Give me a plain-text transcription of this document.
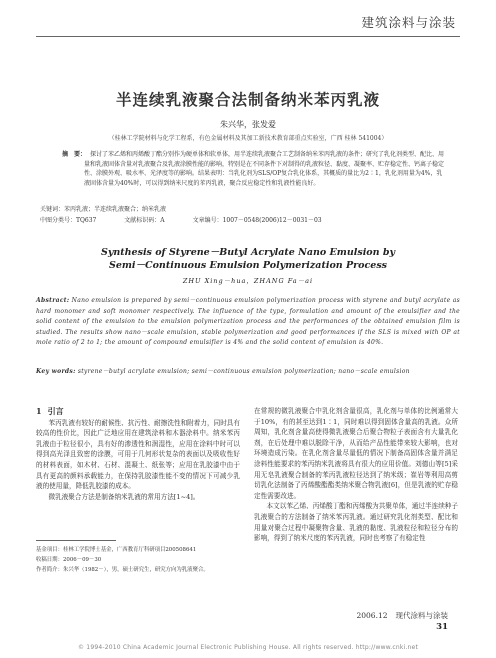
建筑涂料与涂装
半连续乳液聚合法制备纳米苯丙乳液
朱兴华，张发爱
（桂林工学院材料与化学工程系，有色金属材料及其加工新技术教育部重点实验室，广西 桂林 541004）
摘　要： 探讨了苯乙烯和丙烯酸丁酯分别作为硬单体和软单体，用半连续乳液聚合工艺制备纳米苯丙乳液的条件；研究了乳化剂类型、配比、用量和乳液固体含量对乳液聚合及乳液涂膜性能的影响，特别是在不同条件下对制得的乳液粒径、黏度、凝聚率、贮存稳定性、钙离子稳定性、涂膜外观、吸水率、光泽度等的影响。结果表明：当乳化剂为SLS/OP复合乳化体系，其概质的量比为2∶1，乳化剂用量为4%，乳液固体含量为40%时，可以得到纳米尺度的苯丙乳液，聚合反应稳定性和乳液性能良好。
关键词：苯丙乳液；半连续乳液聚合；纳米乳液
中图分类号：TQ637	文献标识码：A	文章编号：1007－0548(2006)12－0031－03
Synthesis of Styrene－Butyl Acrylate Nano Emulsion by
Semi－Continuous Emulsion Polymerization Process
ZHU Xing－hua，ZHANG Fa－ai
Abstract: Nano emulsion is prepared by semi－continuous emulsion polymerization process with styrene and butyl acrylate as hard monomer and soft monomer respectively. The influence of the type, formulation and amount of the emulsifier and the solid content of the emulsion to the emulsion polymerization process and the performances of the obtained emulsion film is studied. The results show nano－scale emulsion, stable polymerization and good performances if the SLS is mixed with OP at mole ratio of 2 to 1; the amount of compound emulsifier is 4% and the solid content of emulsion is 40%.
Key words: styrene－butyl acrylate emulsion; semi－continuous emulsion polymerization; nano－scale emulsion
1 引言

苯丙乳液有较好的耐候性、抗污性、耐擦洗性和附着力，同时具有较高的性价比，因此广泛地应用在建筑涂料和木器涂料中。纳米苯丙乳液由于粒径很小，具有好的渗透性和润湿性，应用在涂料中时可以得到高光泽且致密的涂膜，可用于几何形状复杂的表面以及吸收性好的材料表面，如木材、石材、混凝土、纸张等；应用在乳胶漆中由于具有更高的颜料承载能力，在保持乳胶漆性能不变的情况下可减少乳液的使用量，降低乳胶漆的成本。

微乳液聚合方法是制备纳米乳液的常用方法[1~4]。

在常规的微乳液聚合中乳化剂含量很高，乳化剂与单体的比例通常大于10%，有的甚至达到1∶1，同时难以得到固体含量高的乳液。众所周知，乳化剂含量高使得微乳液聚合后聚合物粒子表面含有大量乳化剂，在后处理中难以脱除干净，从而给产品性能带来较大影响，也对环境造成污染。在乳化剂含量尽量低的情况下制备高固体含量并满足涂料性能要求的苯丙纳米乳液将具有很大的应用价值。刘德山等[5]采用无皂乳液聚合制备的苯丙乳液粒径达到了纳米级；崔岩等利用高剪切乳化法制备了丙烯酸酯酯类纳米聚合物乳液[6]，但是乳液的贮存稳定性需要改进。

本文以苯乙烯、丙烯酸丁酯和丙烯酸为共聚单体，通过半连续种子乳液聚合的方法制备了纳米苯丙乳液。通过研究乳化剂类型、配比和用量对聚合过程中凝聚物含量、乳液的黏度、乳液粒径和粒径分布的影响，得到了纳米尺度的苯丙乳液，同时也考察了有稳定性

基金项目：桂林工学院博士基金，广西教育厅科研项目200508641

收稿日期：2006－09－30

作者简介：朱兴华（1982－），男，硕士研究生，研究方向为乳液聚合。

2006.12 现代涂料与涂装
31
© 1994-2010 China Academic Journal Electronic Publishing House. All rights reserved. http://www.cnki.net
